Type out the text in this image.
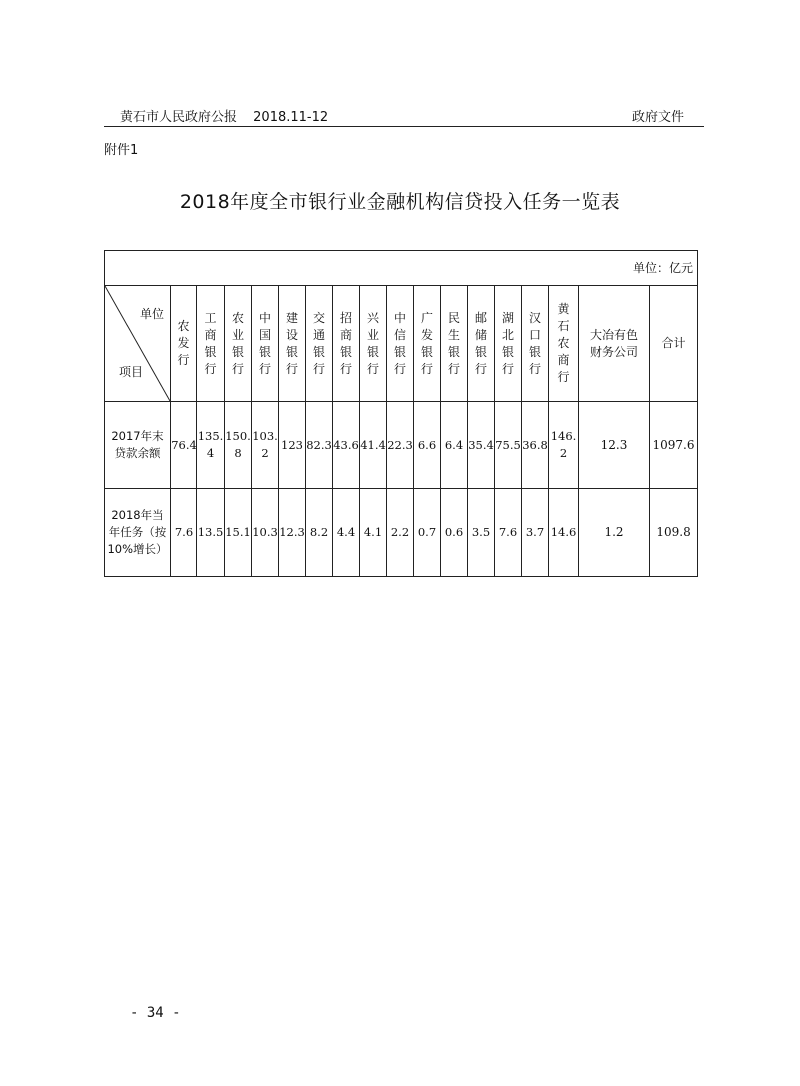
黄石市人民政府公报 2018.11-12	政府文件
附件1
2018年度全市银行业金融机构信贷投入任务一览表
单位：亿元																	

单位
项目	农发行	工商银行	农业银行	中国银行	建设银行	交通银行	招商银行	兴业银行	中信银行	广发银行	民生银行	邮储银行	湖北银行	汉口银行	黄石农商行	大冶有色财务公司	合计

2017年末贷款余额	76.4	135.4	150.8	103.2	123	82.3	43.6	41.4	22.3	6.6	6.4	35.4	75.5	36.8	146.2	12.3	1097.6

2018年当年任务（按10%增长）	7.6	13.5	15.1	10.3	12.3	8.2	4.4	4.1	2.2	0.7	0.6	3.5	7.6	3.7	14.6	1.2	109.8
- 34 -
